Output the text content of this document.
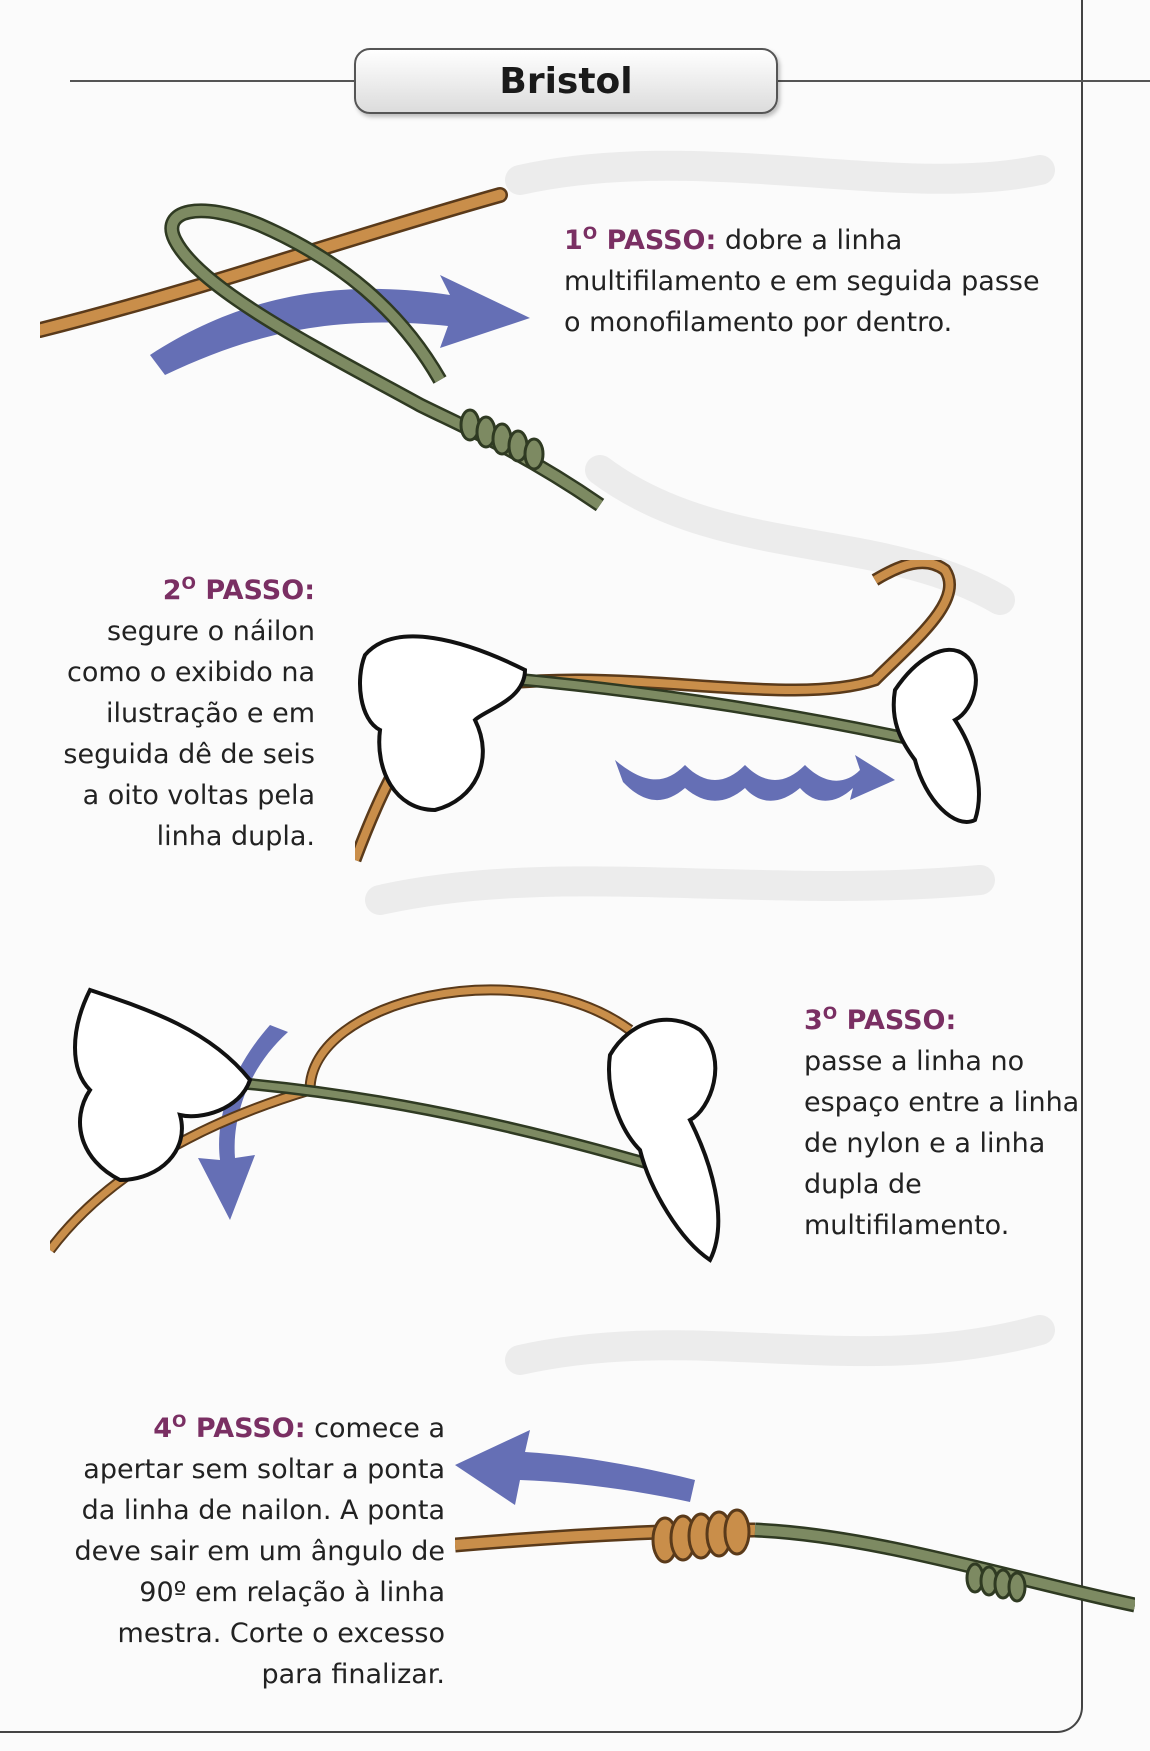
Bristol
$1^O$ PASSO: dobre a linha multifilamento e em seguida passe o monofilamento por dentro.
$2^O$ PASSO:
segure o náilon como o exibido na ilustração e em seguida dê de seis a oito voltas pela linha dupla.
$3^O$ PASSO:
passe a linha no espaço entre a linha de nylon e a linha dupla de multifilamento.
$4^O$ PASSO: comece a apertar sem soltar a ponta da linha de nailon. A ponta deve sair em um ângulo de 90º em relação à linha mestra. Corte o excesso para finalizar.
